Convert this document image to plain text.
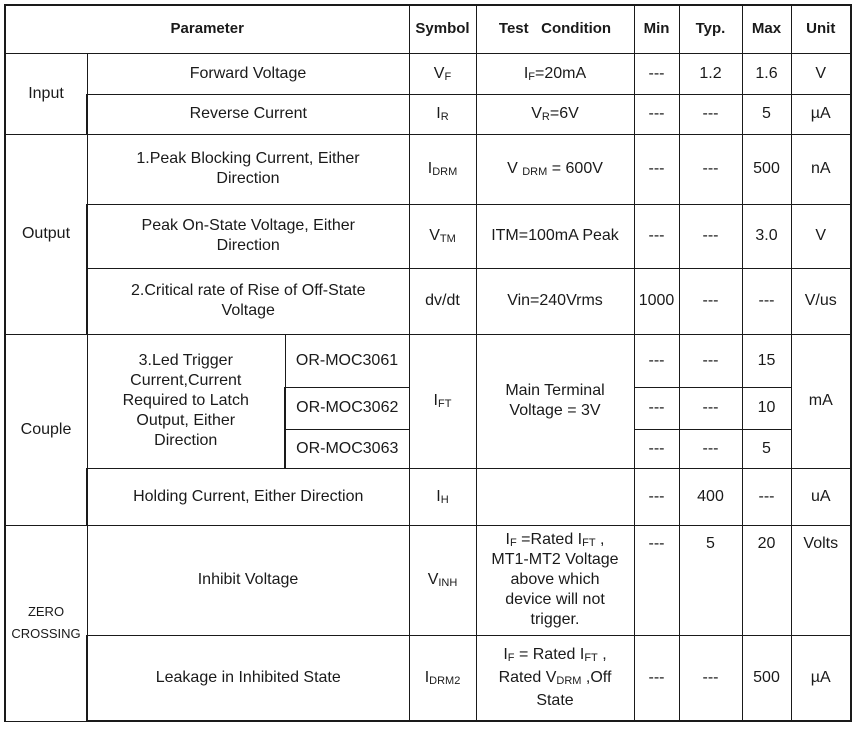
Parameter			Symbol	Test   Condition	Min	Typ.	Max	Unit
Input	Forward Voltage		$V_F$	$I_F=20mA$	---	1.2	1.6	V
	Reverse Current		$I_R$	$V_R=6V$	---	---	5	µA
Output	1.Peak Blocking Current, Either Direction		$I_{DRM}$	V $_{DRM}$ = 600V	---	---	500	nA
	Peak On-State Voltage, Either Direction		$V_{TM}$	ITM=100mA Peak	---	---	3.0	V
	2.Critical rate of Rise of Off-State Voltage		dv/dt	Vin=240Vrms	1000	---	---	V/us
Couple	3.Led Trigger Current,Current Required to Latch Output, Either Direction	OR-MOC3061	$I_{FT}$	Main Terminal Voltage = 3V	---	---	15	mA
		OR-MOC3062			---	---	10	
		OR-MOC3063			---	---	5	
	Holding Current, Either Direction		$I_H$		---	400	---	uA
ZERO CROSSING	Inhibit Voltage		$V_{INH}$	$I_F$ =Rated $I_{FT}$ , MT1-MT2 Voltage above which device will not trigger.	---	5	20	Volts
	Leakage in Inhibited State		$I_{DRM2}$	$I_F$ = Rated $I_{FT}$ , Rated $V_{DRM}$ ,Off State	---	---	500	µA
